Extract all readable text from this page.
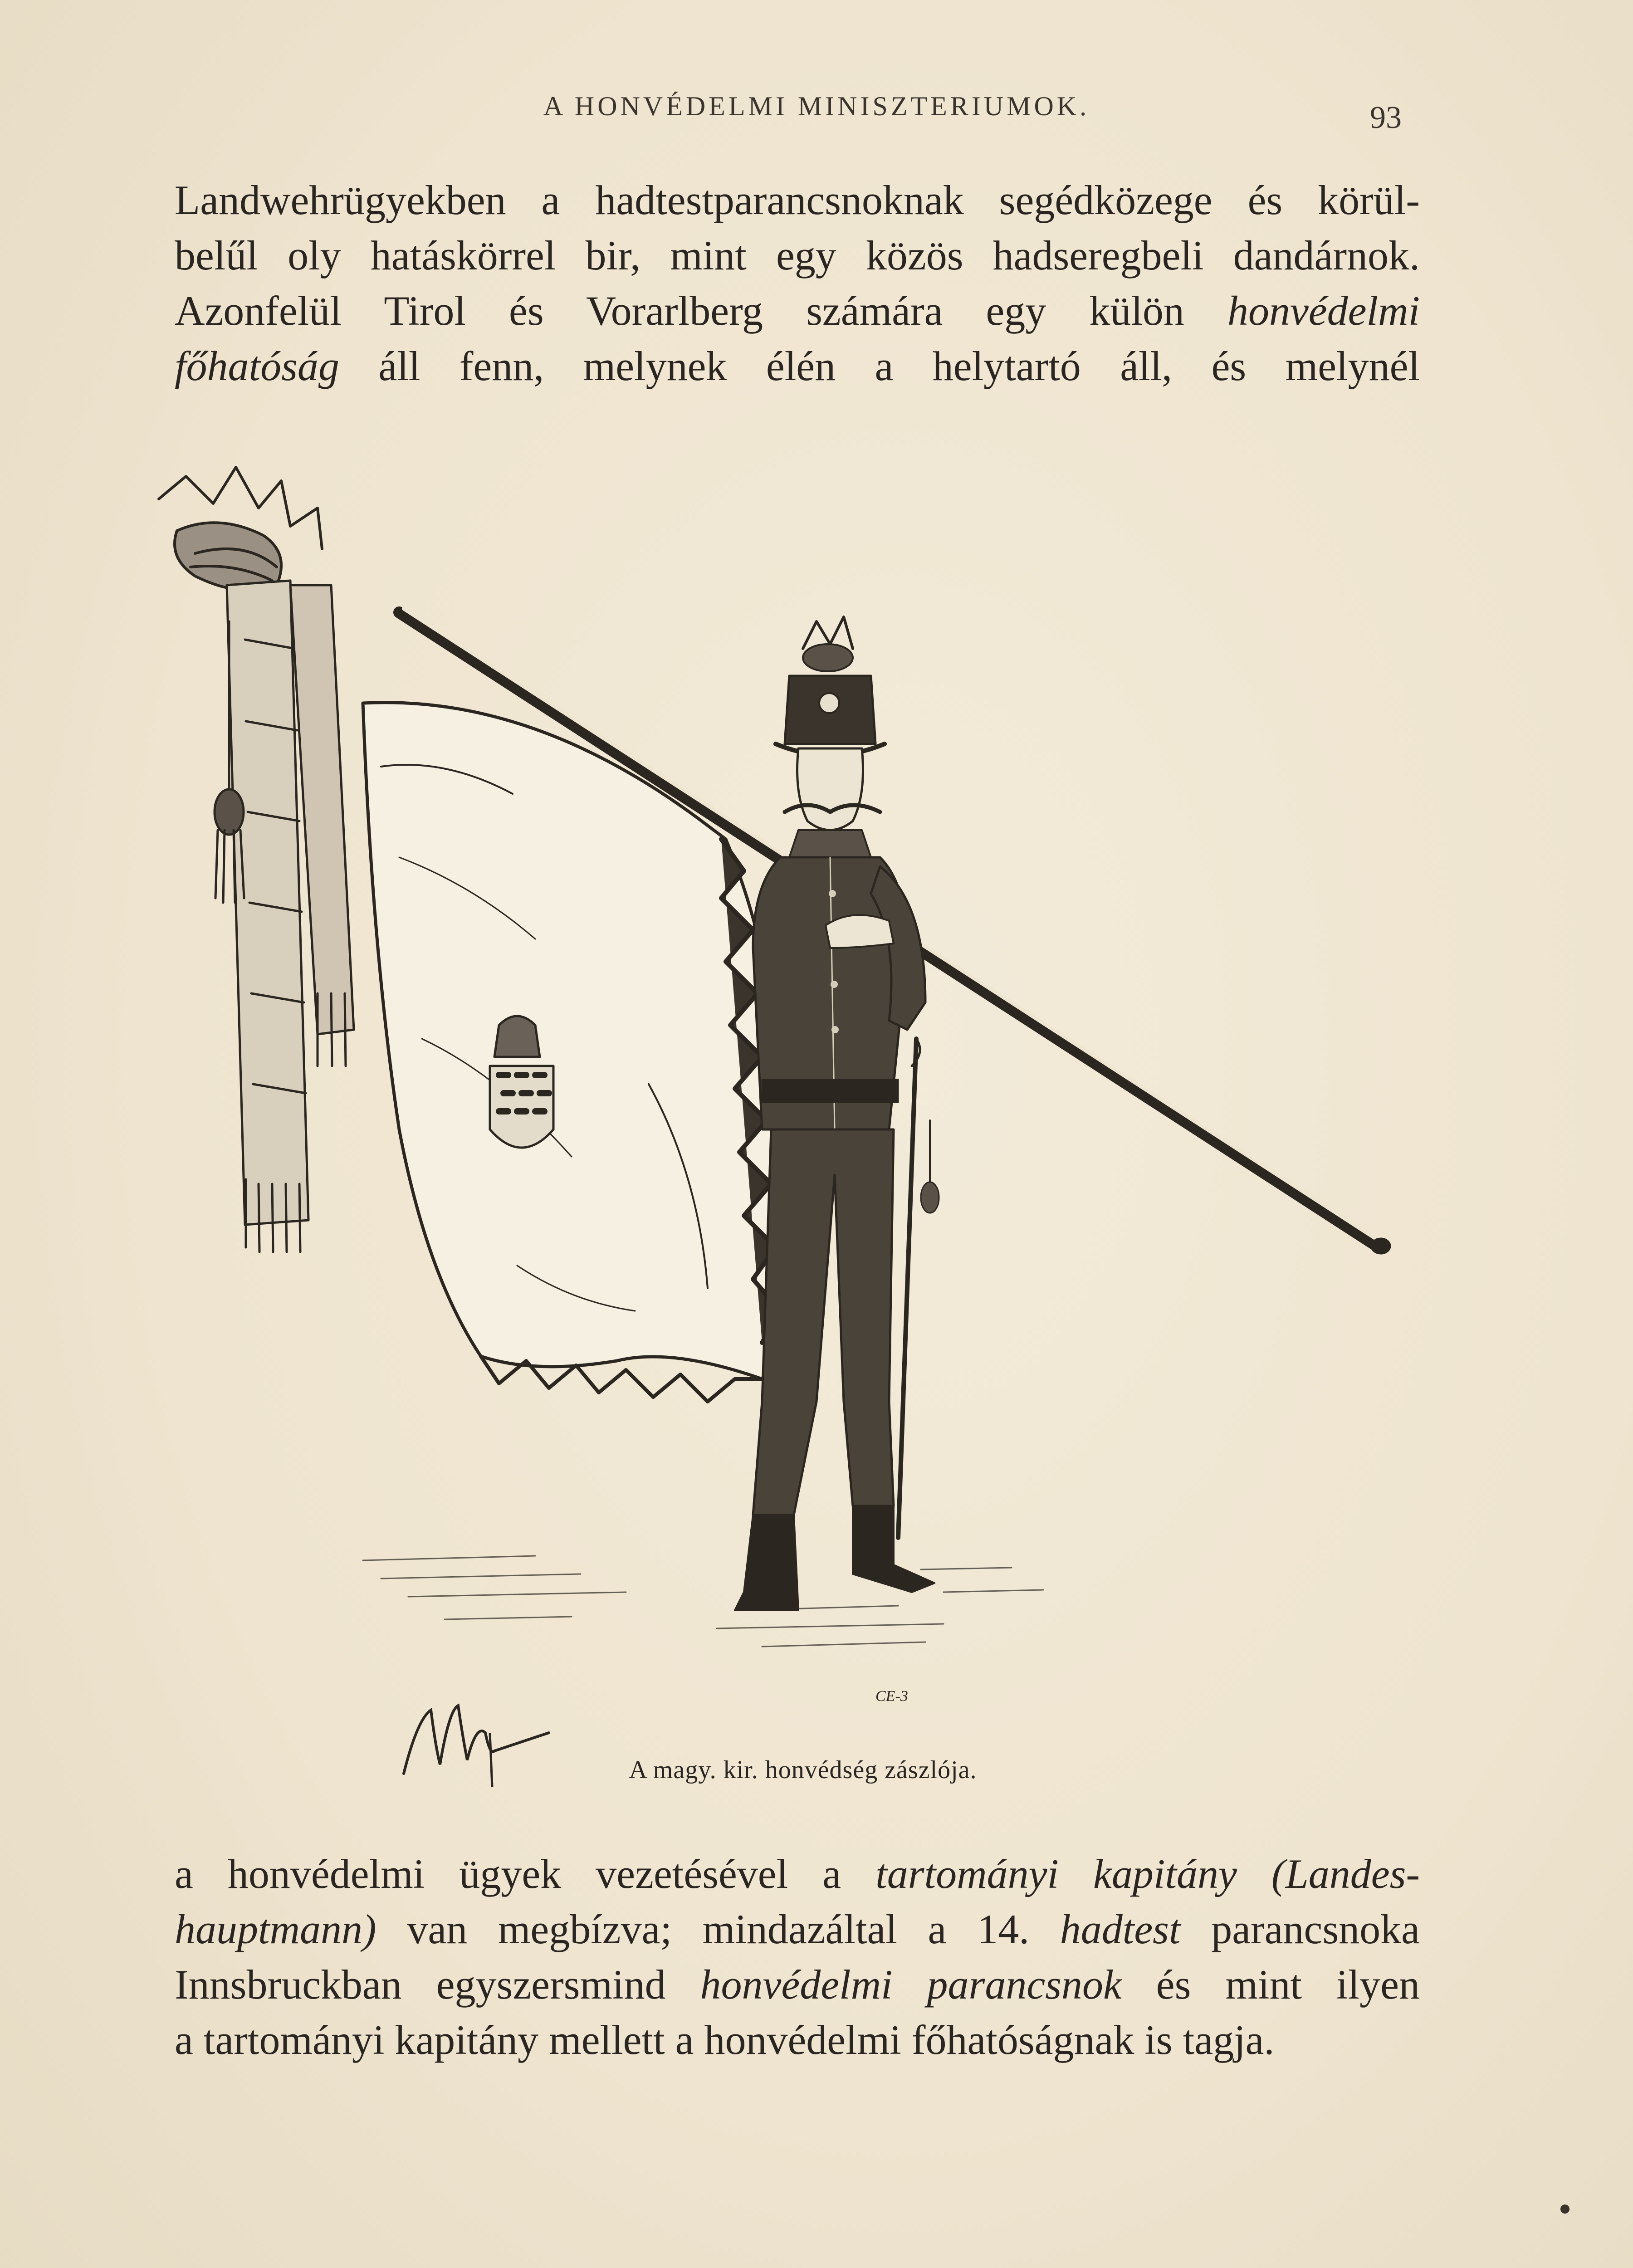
A HONVÉDELMI MINISZTERIUMOK.	93
Landwehrügyekben a hadtestparancsnoknak segédközege és körül-
belűl oly hatáskörrel bir, mint egy közös hadseregbeli dandárnok.
Azonfelül Tirol és Vorarlberg számára egy külön honvédelmi
főhatóság áll fenn, melynek élén a helytartó áll, és melynél
CE-3
Mchy
A magy. kir. honvédség zászlója.
a honvédelmi ügyek vezetésével a tartományi kapitány (Landes-
hauptmann) van megbízva; mindazáltal a 14. hadtest parancsnoka
Innsbruckban egyszersmind honvédelmi parancsnok és mint ilyen
a tartományi kapitány mellett a honvédelmi főhatóságnak is tagja.
